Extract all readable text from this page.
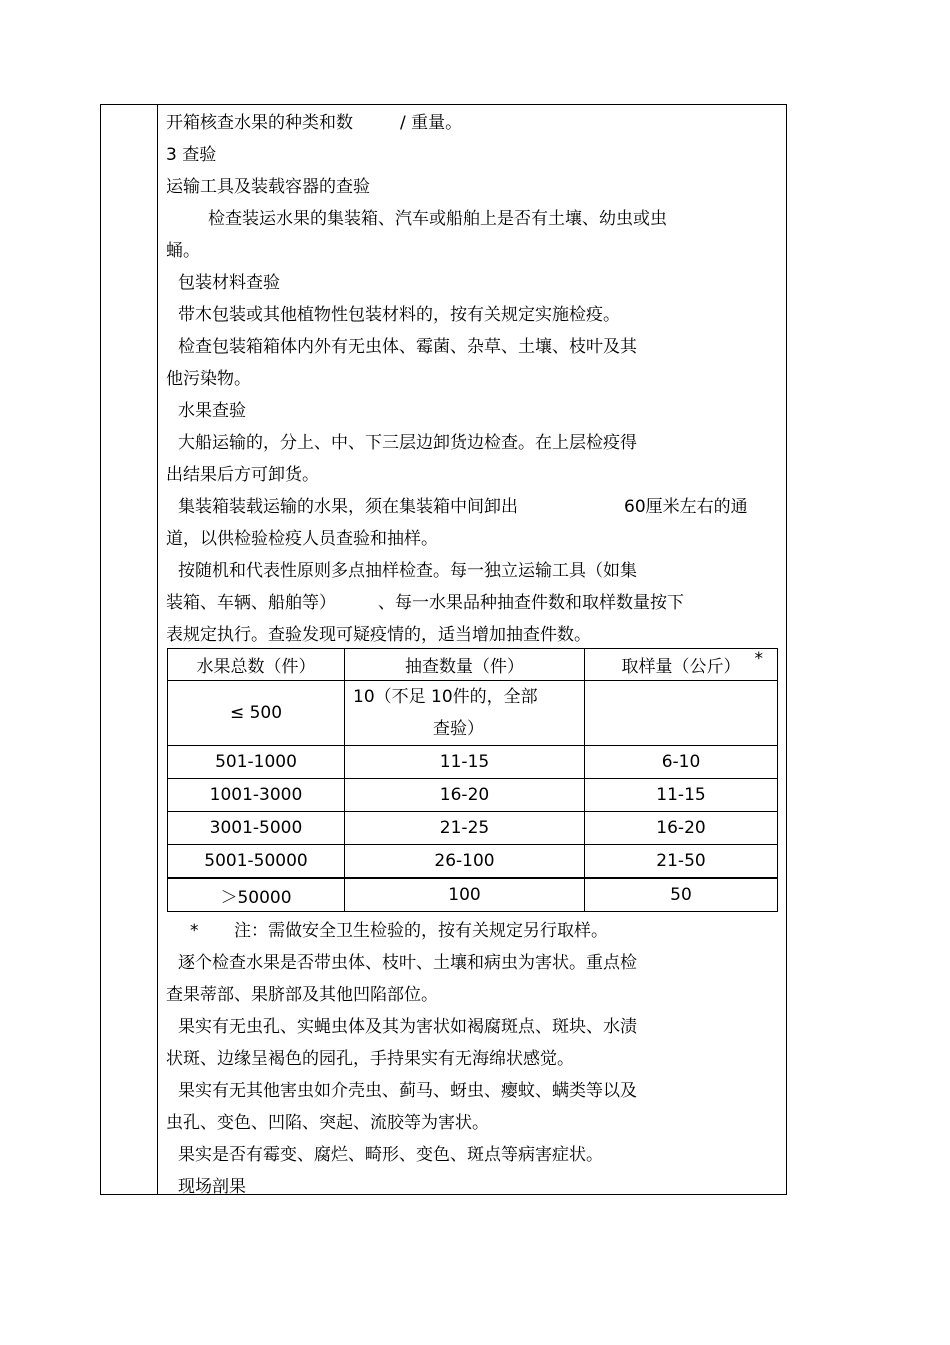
开箱核查水果的种类和数	/ 重量。
3 查验
运输工具及装载容器的查验
检查装运水果的集装箱、汽车或船舶上是否有土壤、幼虫或虫
蛹。
包装材料查验
带木包装或其他植物性包装材料的，按有关规定实施检疫。
检查包装箱箱体内外有无虫体、霉菌、杂草、土壤、枝叶及其
他污染物。
水果查验
大船运输的，分上、中、下三层边卸货边检查。在上层检疫得
出结果后方可卸货。
集装箱装载运输的水果，须在集装箱中间卸出	60厘米左右的通
道，以供检验检疫人员查验和抽样。
按随机和代表性原则多点抽样检查。每一独立运输工具（如集
装箱、车辆、船舶等） 、每一水果品种抽查件数和取样数量按下
表规定执行。查验发现可疑疫情的，适当增加抽查件数。
水果总数（件）	抽查数量（件）	取样量（公斤） *

≤ 500	10（不足 10件的，全部
查验）	

501-1000	11-15	6-10
1001-3000	16-20	11-15
3001-5000	21-25	16-20
5001-50000	26-100	21-50
＞50000	100	50
* 注：需做安全卫生检验的，按有关规定另行取样。
逐个检查水果是否带虫体、枝叶、土壤和病虫为害状。重点检
查果蒂部、果脐部及其他凹陷部位。
果实有无虫孔、实蝇虫体及其为害状如褐腐斑点、斑块、水渍
状斑、边缘呈褐色的园孔，手持果实有无海绵状感觉。
果实有无其他害虫如介壳虫、蓟马、蚜虫、瘿蚊、螨类等以及
虫孔、变色、凹陷、突起、流胶等为害状。
果实是否有霉变、腐烂、畸形、变色、斑点等病害症状。
现场剖果
